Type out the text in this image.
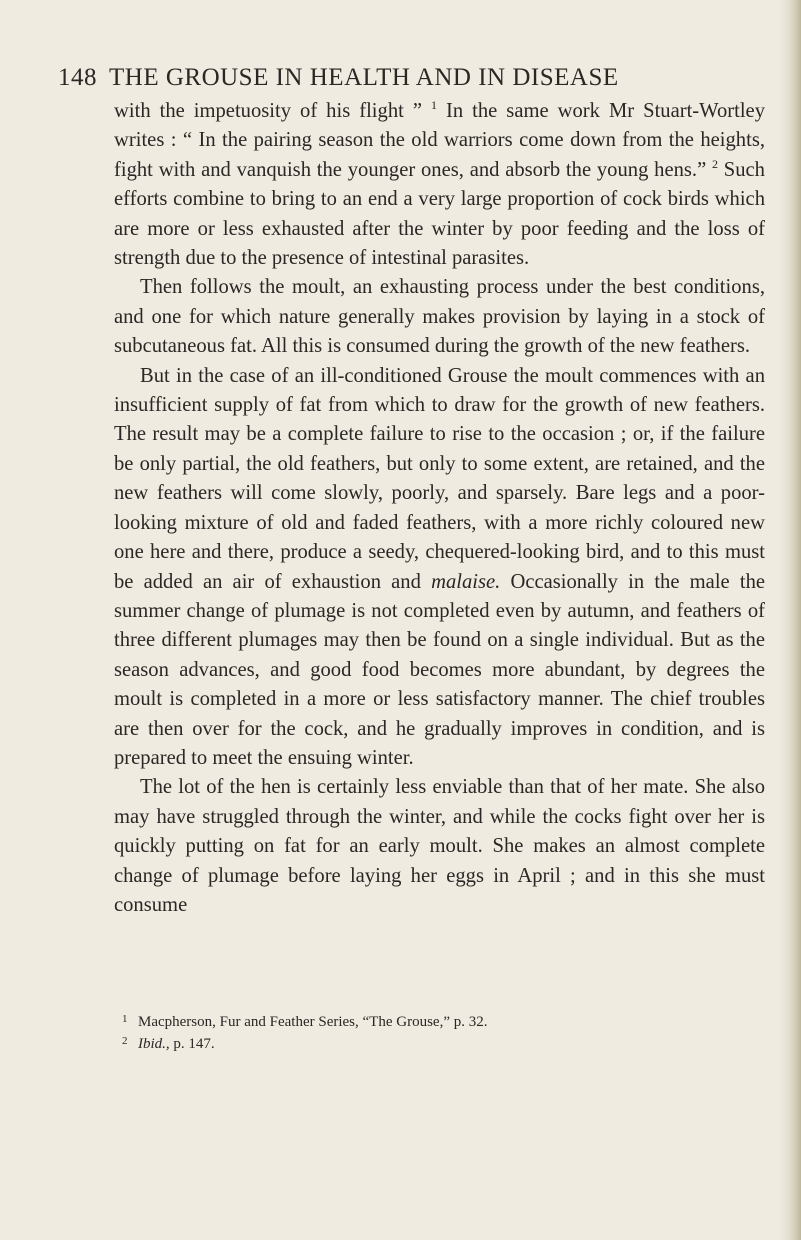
148 THE GROUSE IN HEALTH AND IN DISEASE

with the impetuosity of his flight ” $^1$ In the same work Mr Stuart-Wortley writes : “ In the pairing season the old warriors come down from the heights, fight with and vanquish the younger ones, and absorb the young hens.” $^2$ Such efforts combine to bring to an end a very large proportion of cock birds which are more or less exhausted after the winter by poor feeding and the loss of strength due to the presence of intestinal parasites.

Then follows the moult, an exhausting process under the best conditions, and one for which nature generally makes provision by laying in a stock of subcutaneous fat. All this is consumed during the growth of the new feathers.

But in the case of an ill-conditioned Grouse the moult commences with an insufficient supply of fat from which to draw for the growth of new feathers. The result may be a complete failure to rise to the occasion ; or, if the failure be only partial, the old feathers, but only to some extent, are retained, and the new feathers will come slowly, poorly, and sparsely. Bare legs and a poor-looking mixture of old and faded feathers, with a more richly coloured new one here and there, produce a seedy, chequered-looking bird, and to this must be added an air of exhaustion and malaise. Occasionally in the male the summer change of plumage is not completed even by autumn, and feathers of three different plumages may then be found on a single individual. But as the season advances, and good food becomes more abundant, by degrees the moult is completed in a more or less satisfactory manner. The chief troubles are then over for the cock, and he gradually improves in condition, and is prepared to meet the ensuing winter.

The lot of the hen is certainly less enviable than that of her mate. She also may have struggled through the winter, and while the cocks fight over her is quickly putting on fat for an early moult. She makes an almost complete change of plumage before laying her eggs in April ; and in this she must consume

1 Macpherson, Fur and Feather Series, “The Grouse,” p. 32.
2 Ibid., p. 147.
